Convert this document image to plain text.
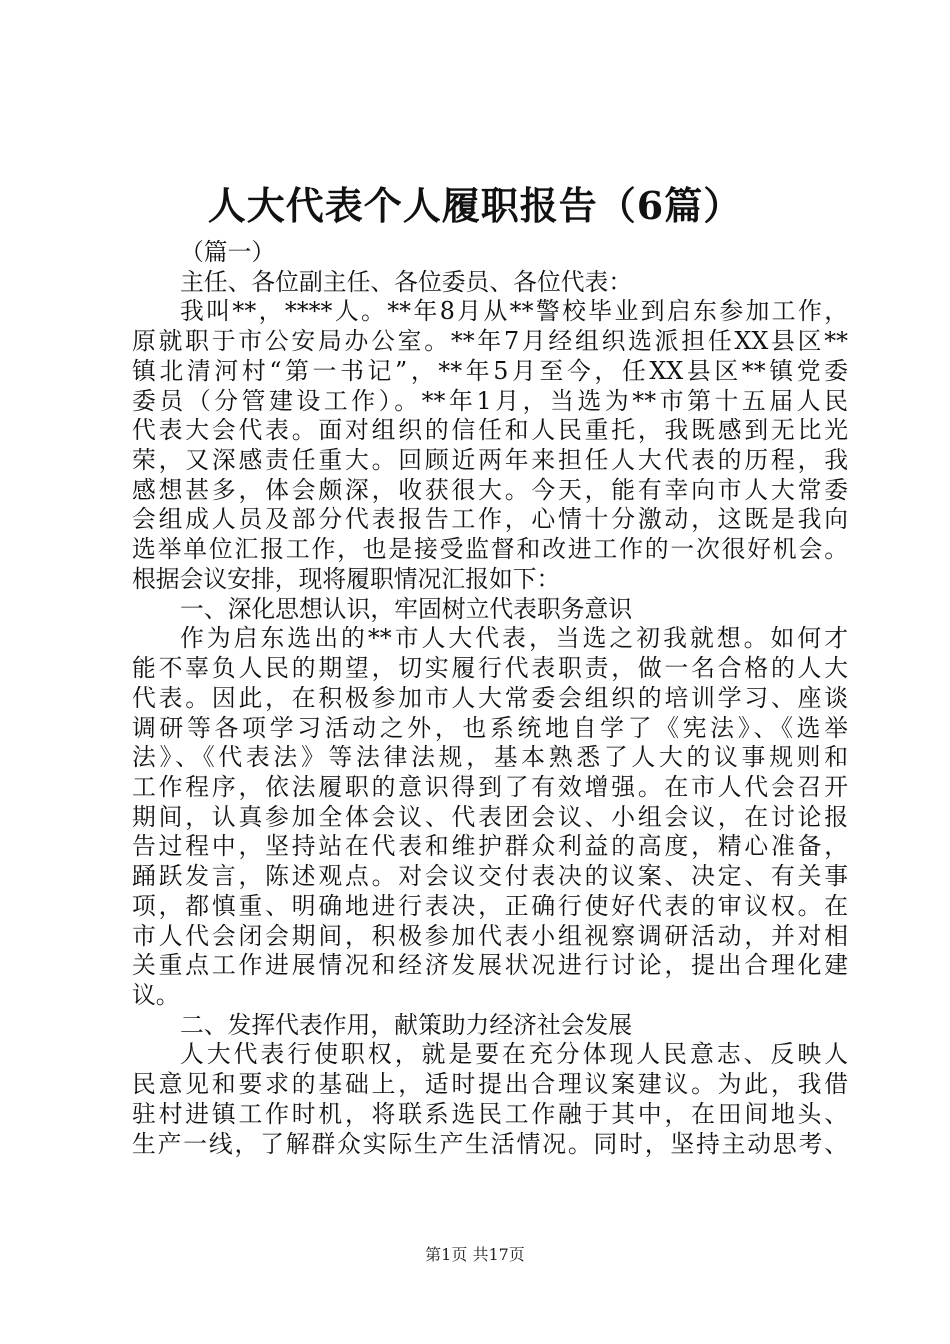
人大代表个人履职报告（6篇）
（篇一）
主任、各位副主任、各位委员、各位代表：
我叫**，****人。**年8月从**警校毕业到启东参加工作，
原就职于市公安局办公室。**年7月经组织选派担任XX县区**
镇北清河村“第一书记”，**年5月至今，任XX县区**镇党委
委员（分管建设工作）。**年1月，当选为**市第十五届人民
代表大会代表。面对组织的信任和人民重托，我既感到无比光
荣，又深感责任重大。回顾近两年来担任人大代表的历程，我
感想甚多，体会颇深，收获很大。今天，能有幸向市人大常委
会组成人员及部分代表报告工作，心情十分激动，这既是我向
选举单位汇报工作，也是接受监督和改进工作的一次很好机会。
根据会议安排，现将履职情况汇报如下：
一、深化思想认识，牢固树立代表职务意识
作为启东选出的**市人大代表，当选之初我就想。如何才
能不辜负人民的期望，切实履行代表职责，做一名合格的人大
代表。因此，在积极参加市人大常委会组织的培训学习、座谈
调研等各项学习活动之外，也系统地自学了《宪法》、《选举
法》、《代表法》等法律法规，基本熟悉了人大的议事规则和
工作程序，依法履职的意识得到了有效增强。在市人代会召开
期间，认真参加全体会议、代表团会议、小组会议，在讨论报
告过程中，坚持站在代表和维护群众利益的高度，精心准备，
踊跃发言，陈述观点。对会议交付表决的议案、决定、有关事
项，都慎重、明确地进行表决，正确行使好代表的审议权。在
市人代会闭会期间，积极参加代表小组视察调研活动，并对相
关重点工作进展情况和经济发展状况进行讨论，提出合理化建
议。
二、发挥代表作用，献策助力经济社会发展
人大代表行使职权，就是要在充分体现人民意志、反映人
民意见和要求的基础上，适时提出合理议案建议。为此，我借
驻村进镇工作时机，将联系选民工作融于其中，在田间地头、
生产一线，了解群众实际生产生活情况。同时，坚持主动思考、
第1页 共17页
